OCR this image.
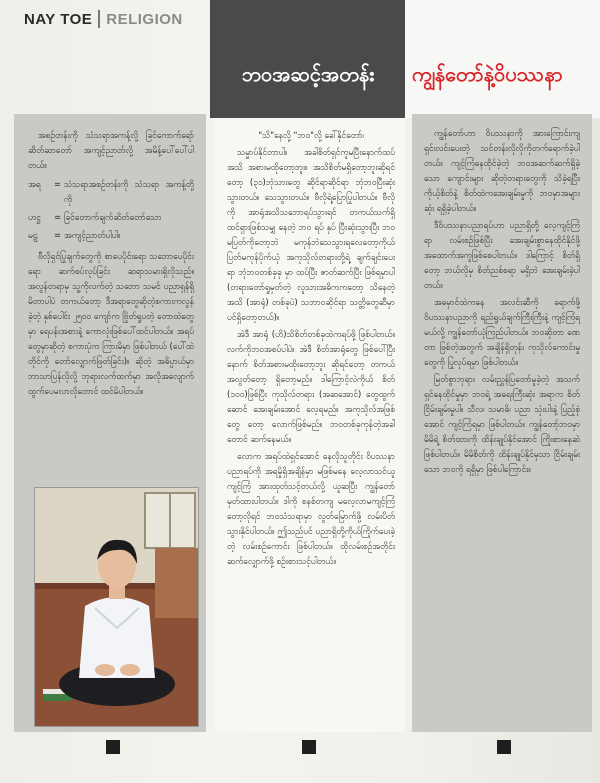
NAY TOE RELIGION
ဘဝအဆင့်အတန်း	ကျွန်တော်နဲ့ဝိပဿနာ

အစဉ်တန်းကို သံသရာအကန့်လို့ ခြင်ကောက်ရော်ဆိတ်ဆာတော် အကျင့်ညာတ်လို့ အမိန့်ပေါ်ပေါ်ပါတယ်။

အရ	= သံသရာအစဉ်တန်းကို သံသရာ အကန့်တို့ကို
ဟဋ္ဌ	= ခြင်တောက်ချက်ဆိတ်တော်သော
မဠ	= အကျင့်ညာတ်ပါပါ။

ဗီလိုရှင်ပြုချက်တွေကို စာပေပိုင်းရော သဘောပေပိုင်းရော ဆက်စပ်လုပ်ခြင်း ဆရာသမားရှိလိုသည်။ အလွန်တရာမှ သူ့ကိုလက်တဲ့ သဘော သမင် ပညာရှန်ရှိမိတာပါပဲ တကယ်တော့ ဒီအရာတွေဆိုတဲ့စကားကလွန်ခဲ့တဲ့ နှစ်ပေါင်း ၂၅၀၀ ကျော်က ဗြိုတ်ရှုပတဲ့ တောထဲတွေမှာ ရေပန်းအစားနဲ့ ကောလုံးဖြစ်ပေါ်ထင်ပါတယ်။ အရပ်တွေမှာဆိုတဲ့ စကားပုံက ကြားမိမှာ ဖြစ်ပါတယ် (ပေါ်ထဲတိုင်ကို တော်လျှောက်ဖြတ်ခြင်း)။ ဆိုတဲ့ အဓိပ္ပာယ်မှာ ဘာသာပြန်လိုလို့ ဘုရားလက်ထက်မှာ အလိုအလျောက် ထွက်ပေမလာလိုတောင် ထင်မိပါတယ်။

"သိ"နေလို့ "ဘဝ"လို့ ခေါ်နိုင်တော်၊

သမ္မာပ်နိုင်တာပါ။ အခါစိတ်ရှင်ကူမပြီးနောက်ထပ်အသိ အစားမထိုတော့ဘူး။ အသိစိတ်မရှိတော့ဘူးဆိုရင်တော့ (၃၁)ဘုံသားတွေ ဆိုင်ရာဆိုင်ရာ ဘုံဘဝပြီးဆုံးသွားတယ်။ သေသွားတယ်။ ဗီလိုရဲ့ပြောပြုပါတယ်။ ဗီလိုကို အာရုံအသိသဘောရပ်သွားရင် တကယ်သက်ရှိထင်ရှားဖြစ်သမျှ နေတဲ့ ဘဝ ရပ် နှပ် ပြီးဆုံးသွားပြီး ဘဝမပြတ်ကိုတော့ဘဲ မကုန်ဘဲသေသွားရလေတော့ကိုယ်ပြတ်မကုန်ပိုက်ယုံ အကုသိုလ်တရားတို့ရဲ့ ချက်ချင်းပေးရာ ဘုံဘဝတစ်ခုခု မှာ ထပ်ပြီး ဇာတ်ဆက်ပြီး ဖြစ်ရမှာပါ (တရားတော်ရှုမှတ်တဲ့ လူသားအဓိကကတော့ သိနေတဲ့အသိ (အာရုံ) တစ်ခုပဲ) သဘာဝဆိုင်ရာ သတ္တိတွေဆီမှာပင်ရှိတော့တယ်)။

အဲဒီ အာရုံ (ဟိ)သိစိတ်တစ်ခုထဲကရပ်ဖို့ ဖြစ်ပါတယ်။ လက်ကိုဘဝအစပ်ပါပဲ။ အဲဒီ စိတ်အာရုံတွေ ဖြစ်ပေါ်ပြီးနောက် စိတ်အစားမထိုးတော့ဘူး ဆိုရင်တော့ တကယ်အလွတ်တော့ ရှိတော့မည်။ ဒါကြောင့်လဲကိုယ် စိတ် (၁၀၀)ဖြစ်ပြီး ကုသိုလ်တရား (အဆအောင်) တွေထွက်ဆောင် အေးချမ်းအောင် လေ့ရမည်။ အကုသိုလ်အဖြစ်တွေ တော့ လောက်ဖြစ်မည်။ ဘဝတစ်ခုကုန်တဲ့အခါ တောင် ဆက်နေမယ်။

လောက အရပ်ထဲရှင်အောင် နေလိုသူတိုင်း ဝိပဿနာပညာရပ်ကို အရမှိုရှိအချိန်မှာ မဖြစ်မနေ လေ့လာသင်ယူကျင့်ကြံ အားထုတ်သင့်တယ်လို့ ယူဆပြီး ကျွန်တော် မှတ်ထားပါတယ်။ ဒါကို စနစ်တကျ မလေ့လာမကျင့်ကြံတော့လိုရင် ဘဝသံသရာမှာ လွတ်မြောက်ဖို့ လမ်းပိတ်သွားနိုင်ပါတယ်။ ဤသည်ပင် ပညာရှိတို့ကိုယ်ကြိုက်ပေးခဲ့တဲ့ လမ်းစဉ်ကောင်း ဖြစ်ပါတယ်။ ထိုလမ်းစဉ်အတိုင်း ဆက်လျှောက်ဖို့ စဉ်းစားသင့်ပါတယ်။

ကျွန်တော်ဟာ ဝိပဿနာကို အားကြောင်းကျ ရှင်းလင်းပေးတဲ့ သင်တန်းလိုလိုကိုတက်ရောက်ခဲ့ပါတယ်။ ကျင့်ကြံနေထိုင်ခဲ့တဲ့ ဘဝအဆက်ဆက်ရှိခဲ့သော ကျောင်းများ ဆိုတဲ့တရားတွေကို သိခဲ့ရပြီး ကိုယ့်စိတ်နဲ့ စိတ်ထဲကအေးချမ်းမှုကို ဘဝမှာအများဆုံး ရရှိခဲ့ပါတယ်။

ဒီဝိပဿနာပညာရပ်ဟာ ပညာရှိတို့ လေ့ကျင့်ကြံရာ လမ်းစဉ်ဖြစ်ပြီး အေးချမ်းစွာနေထိုင်နိုင်ဖို့ အထောက်အကူဖြစ်စေပါတယ်။ ဒါကြောင့် စိတ်ရှိတော့ ဘယ်လိုမှ စိတ်ညစ်စရာ မရှိဘဲ အေးချမ်းခဲ့ပါတယ်။

အမှောင်ထဲကနေ အလင်းဆီကို ရောက်ဖို့ ဝိပဿနာပညာကို ရည်ရွယ်ချက်ကြီးကြီးနဲ့ ကျင့်ကြံရမယ်လို့ ကျွန်တော်ယုံကြည်ပါတယ်။ ဘဝဆိုတာ ခဏတာ ဖြစ်တဲ့အတွက် အချိန်ရှိတုန်း ကုသိုလ်ကောင်းမှုတွေကို ပြုလုပ်ရမှာ ဖြစ်ပါတယ်။

မြတ်စွာဘုရား လမ်းညွှန်ပြတော်မူခဲ့တဲ့ အသက်ရှင်နေထိုင်မှုမှာ ဘဝရဲ့ အရေးကြီးဆုံး အရာက စိတ်ငြိမ်းချမ်းမှုပါ။ သီလ၊ သမာဓိ၊ ပညာ သုံးပါးနဲ့ ပြည့်စုံအောင် ကျင့်ကြံရမှာ ဖြစ်ပါတယ်။ ကျွန်တော့်ဘဝမှာ မိမိရဲ့ စိတ်ထားကို ထိန်းချုပ်နိုင်အောင် ကြိုးစားနေဆဲ ဖြစ်ပါတယ်။ မိမိစိတ်ကို ထိန်းချုပ်နိုင်မှသာ ငြိမ်းချမ်းသော ဘဝကို ရရှိမှာ ဖြစ်ပါကြောင်း။
